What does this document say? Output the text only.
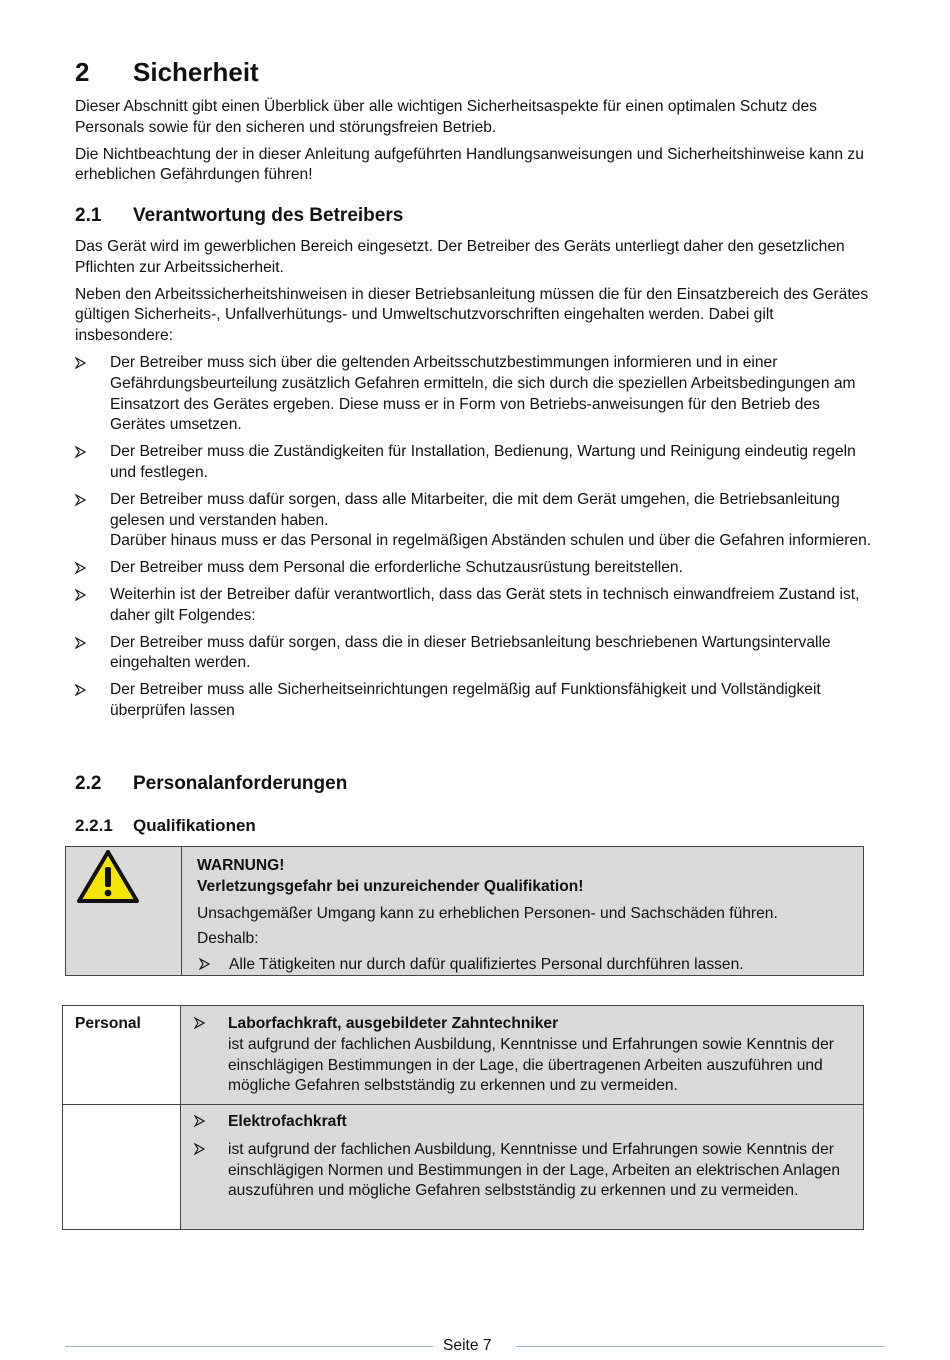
2 Sicherheit

Dieser Abschnitt gibt einen Überblick über alle wichtigen Sicherheitsaspekte für einen optimalen Schutz des Personals sowie für den sicheren und störungsfreien Betrieb.

Die Nichtbeachtung der in dieser Anleitung aufgeführten Handlungsanweisungen und Sicherheitshinweise kann zu erheblichen Gefährdungen führen!

2.1 Verantwortung des Betreibers

Das Gerät wird im gewerblichen Bereich eingesetzt. Der Betreiber des Geräts unterliegt daher den gesetzlichen Pflichten zur Arbeitssicherheit.

Neben den Arbeitssicherheitshinweisen in dieser Betriebsanleitung müssen die für den Einsatzbereich des Gerätes gültigen Sicherheits-, Unfallverhütungs- und Umweltschutzvorschriften eingehalten werden. Dabei gilt insbesondere:

Der Betreiber muss sich über die geltenden Arbeitsschutzbestimmungen informieren und in einer Gefährdungsbeurteilung zusätzlich Gefahren ermitteln, die sich durch die speziellen Arbeitsbedingungen am Einsatzort des Gerätes ergeben. Diese muss er in Form von Betriebs-anweisungen für den Betrieb des Gerätes umsetzen.
Der Betreiber muss die Zuständigkeiten für Installation, Bedienung, Wartung und Reinigung eindeutig regeln und festlegen.
Der Betreiber muss dafür sorgen, dass alle Mitarbeiter, die mit dem Gerät umgehen, die Betriebsanleitung gelesen und verstanden haben.
Darüber hinaus muss er das Personal in regelmäßigen Abständen schulen und über die Gefahren informieren.
Der Betreiber muss dem Personal die erforderliche Schutzausrüstung bereitstellen.
Weiterhin ist der Betreiber dafür verantwortlich, dass das Gerät stets in technisch einwandfreiem Zustand ist, daher gilt Folgendes:
Der Betreiber muss dafür sorgen, dass die in dieser Betriebsanleitung beschriebenen Wartungsintervalle eingehalten werden.
Der Betreiber muss alle Sicherheitseinrichtungen regelmäßig auf Funktionsfähigkeit und Vollständigkeit überprüfen lassen
2.2 Personalanforderungen
2.2.1 Qualifikationen
WARNUNG!
Verletzungsgefahr bei unzureichender Qualifikation!
Unsachgemäßer Umgang kann zu erheblichen Personen- und Sachschäden führen.
Deshalb:
Alle Tätigkeiten nur durch dafür qualifiziertes Personal durchführen lassen.
Personal	Laborfachkraft, ausgebildeter Zahntechniker
ist aufgrund der fachlichen Ausbildung, Kenntnisse und Erfahrungen sowie Kenntnis der einschlägigen Bestimmungen in der Lage, die übertragenen Arbeiten auszuführen und mögliche Gefahren selbstständig zu erkennen und zu vermeiden.
Elektrofachkraft
ist aufgrund der fachlichen Ausbildung, Kenntnisse und Erfahrungen sowie Kenntnis der einschlägigen Normen und Bestimmungen in der Lage, Arbeiten an elektrischen Anlagen auszuführen und mögliche Gefahren selbstständig zu erkennen und zu vermeiden.
Seite 7
